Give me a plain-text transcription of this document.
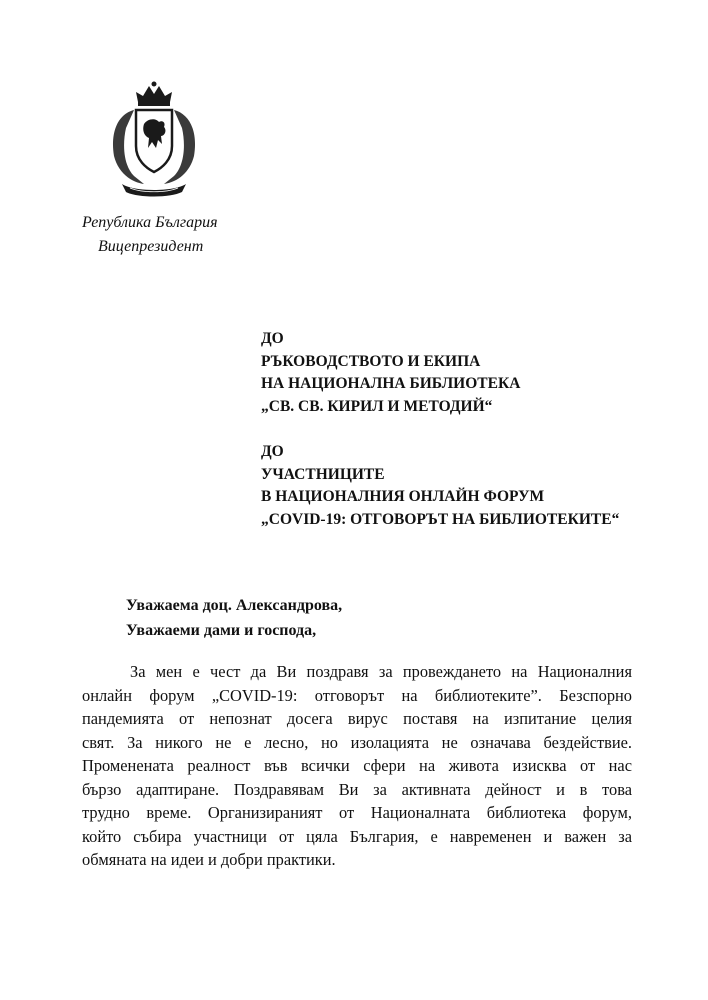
Република България
Вицепрезидент
ДО
РЪКОВОДСТВОТО И ЕКИПА
НА НАЦИОНАЛНА БИБЛИОТЕКА
„СВ. СВ. КИРИЛ И МЕТОДИЙ“
ДО
УЧАСТНИЦИТЕ
В НАЦИОНАЛНИЯ ОНЛАЙН ФОРУМ
„COVID-19: ОТГОВОРЪТ НА БИБЛИОТЕКИТЕ“
Уважаема доц. Александрова,
Уважаеми дами и господа,
За мен е чест да Ви поздравя за провеждането на Националния
онлайн форум „COVID-19: отговорът на библиотеките”. Безспорно
пандемията от непознат досега вирус поставя на изпитание целия
свят. За никого не е лесно, но изолацията не означава бездействие.
Променената реалност във всички сфери на живота изисква от нас
бързо адаптиране. Поздравявам Ви за активната дейност и в това
трудно време. Организираният от Националната библиотека форум,
който събира участници от цяла България, е навременен и важен за
обмяната на идеи и добри практики.
